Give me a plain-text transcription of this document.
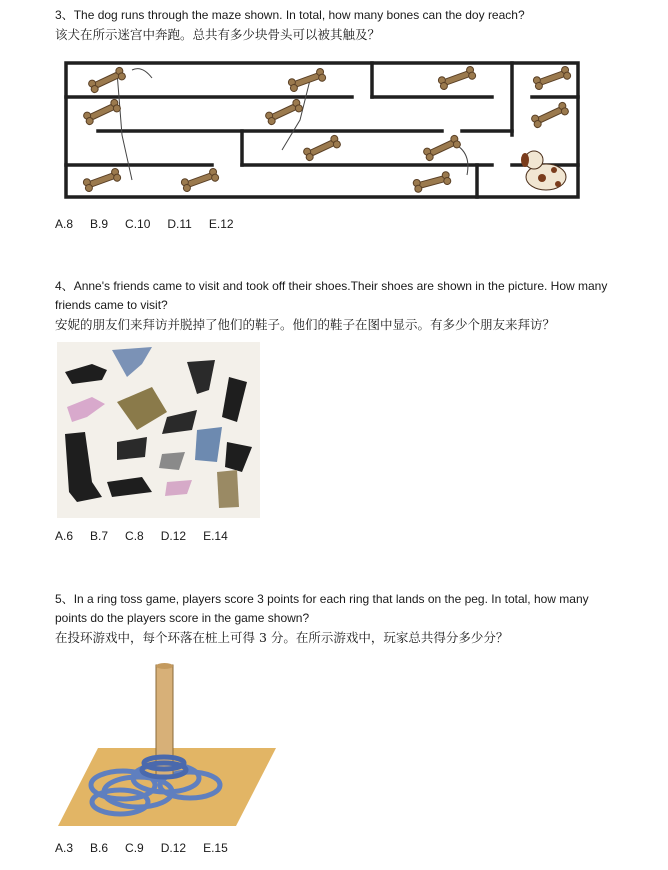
3、The dog runs through the maze shown. In total, how many bones can the doy reach?

该犬在所示迷宫中奔跑。总共有多少块骨头可以被其触及？

A.8 B.9 C.10 D.11 E.12

4、Anne's friends came to visit and took off their shoes.Their shoes are shown in the picture. How many friends came to visit?

安妮的朋友们来拜访并脱掉了他们的鞋子。他们的鞋子在图中显示。有多少个朋友来拜访？

A.6 B.7 C.8 D.12 E.14

5、In a ring toss game, players score 3 points for each ring that lands on the peg. In total, how many points do the players score in the game shown?

在投环游戏中，每个环落在桩上可得 3 分。在所示游戏中，玩家总共得分多少分？

A.3 B.6 C.9 D.12 E.15
